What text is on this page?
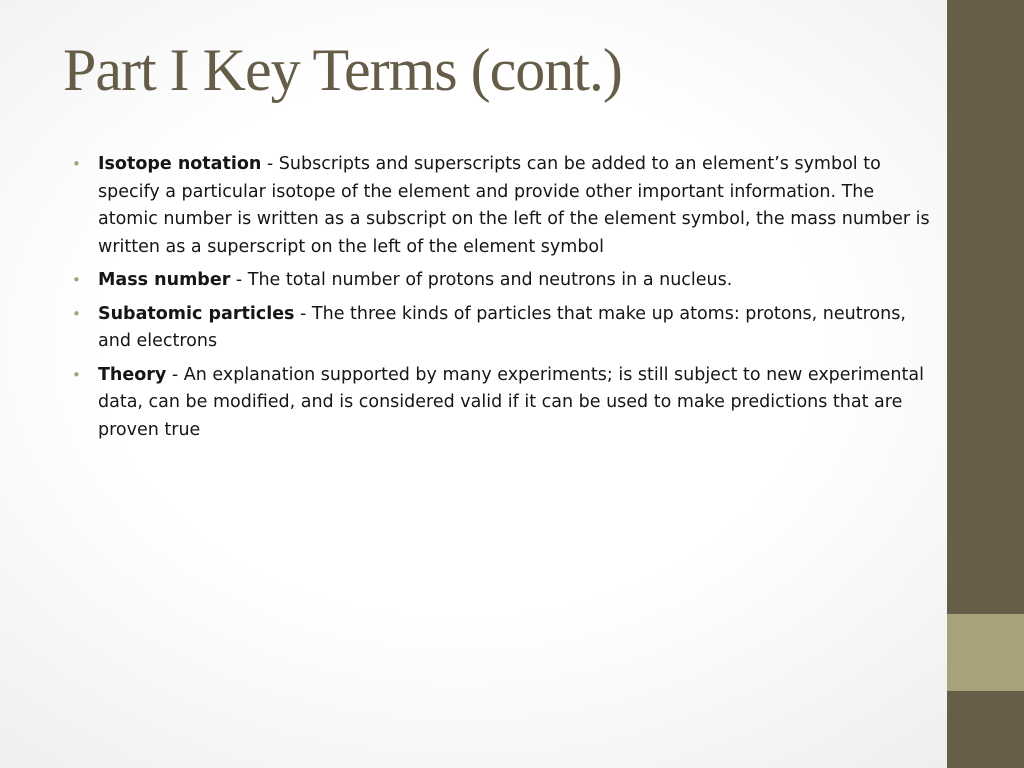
Part I Key Terms (cont.)
• Isotope notation - Subscripts and superscripts can be added to an element’s symbol to specify a particular isotope of the element and provide other important information. The atomic number is written as a subscript on the left of the element symbol, the mass number is written as a superscript on the left of the element symbol
• Mass number - The total number of protons and neutrons in a nucleus.
• Subatomic particles - The three kinds of particles that make up atoms: protons, neutrons, and electrons
• Theory - An explanation supported by many experiments; is still subject to new experimental data, can be modified, and is considered valid if it can be used to make predictions that are proven true
